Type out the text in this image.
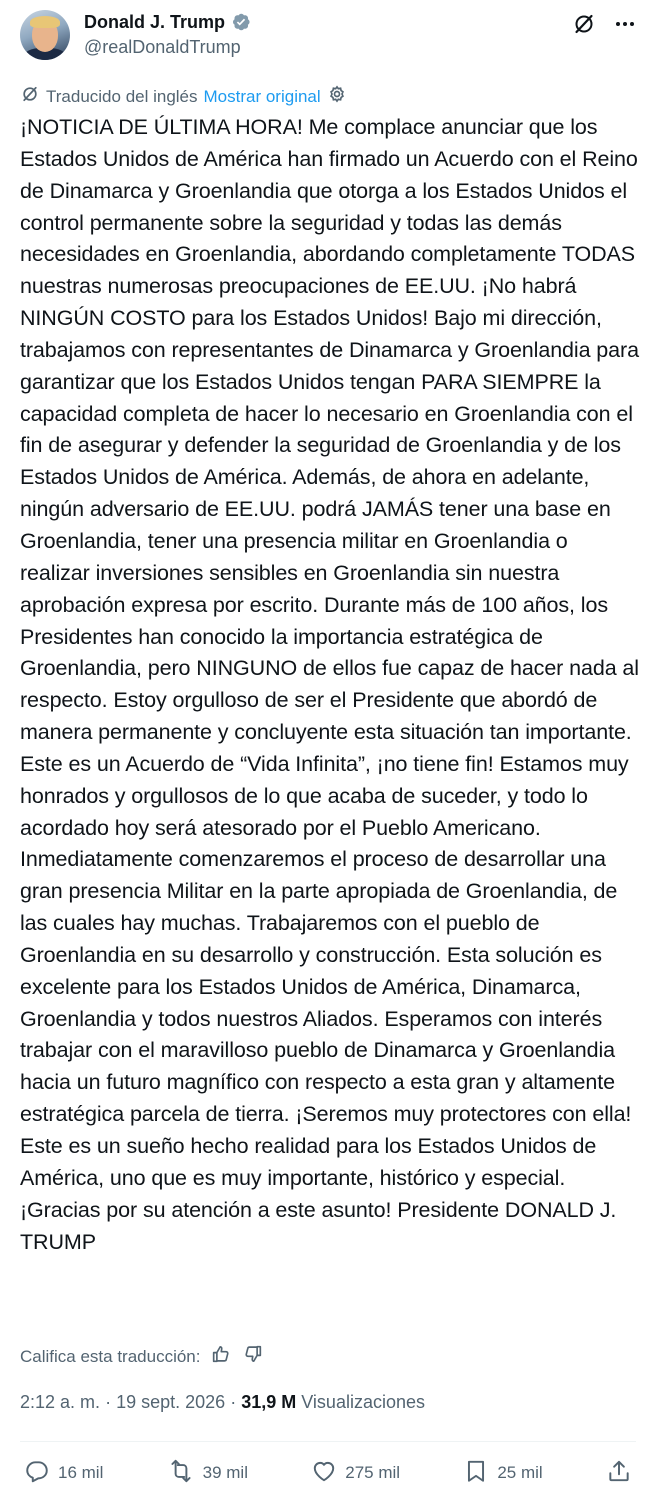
Donald J. Trump
@realDonaldTrump
Traducido del inglés Mostrar original
¡NOTICIA DE ÚLTIMA HORA! Me complace anunciar que los Estados Unidos de América han firmado un Acuerdo con el Reino de Dinamarca y Groenlandia que otorga a los Estados Unidos el control permanente sobre la seguridad y todas las demás necesidades en Groenlandia, abordando completamente TODAS nuestras numerosas preocupaciones de EE.UU. ¡No habrá NINGÚN COSTO para los Estados Unidos! Bajo mi dirección, trabajamos con representantes de Dinamarca y Groenlandia para garantizar que los Estados Unidos tengan PARA SIEMPRE la capacidad completa de hacer lo necesario en Groenlandia con el fin de asegurar y defender la seguridad de Groenlandia y de los Estados Unidos de América. Además, de ahora en adelante, ningún adversario de EE.UU. podrá JAMÁS tener una base en Groenlandia, tener una presencia militar en Groenlandia o realizar inversiones sensibles en Groenlandia sin nuestra aprobación expresa por escrito. Durante más de 100 años, los Presidentes han conocido la importancia estratégica de Groenlandia, pero NINGUNO de ellos fue capaz de hacer nada al respecto. Estoy orgulloso de ser el Presidente que abordó de manera permanente y concluyente esta situación tan importante. Este es un Acuerdo de “Vida Infinita”, ¡no tiene fin! Estamos muy honrados y orgullosos de lo que acaba de suceder, y todo lo acordado hoy será atesorado por el Pueblo Americano. Inmediatamente comenzaremos el proceso de desarrollar una gran presencia Militar en la parte apropiada de Groenlandia, de las cuales hay muchas. Trabajaremos con el pueblo de Groenlandia en su desarrollo y construcción. Esta solución es excelente para los Estados Unidos de América, Dinamarca, Groenlandia y todos nuestros Aliados. Esperamos con interés trabajar con el maravilloso pueblo de Dinamarca y Groenlandia hacia un futuro magnífico con respecto a esta gran y altamente estratégica parcela de tierra. ¡Seremos muy protectores con ella! Este es un sueño hecho realidad para los Estados Unidos de América, uno que es muy importante, histórico y especial. ¡Gracias por su atención a este asunto! Presidente DONALD J. TRUMP
Califica esta traducción:
2:12 a. m. · 19 sept. 2026 · 31,9 M Visualizaciones
16 mil	39 mil	275 mil	25 mil
